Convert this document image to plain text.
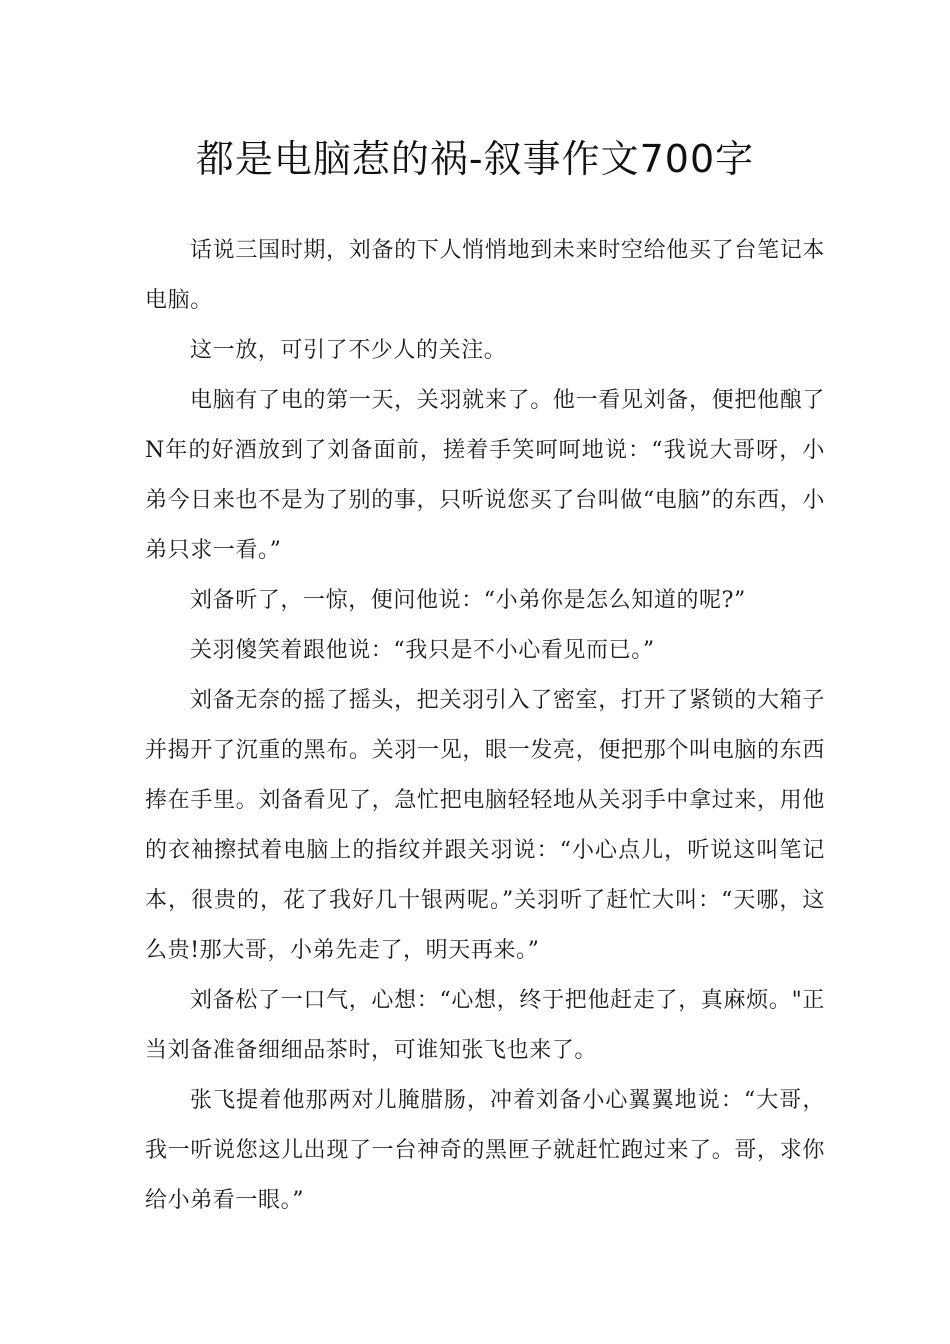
都是电脑惹的祸-叙事作文700字

话说三国时期，刘备的下人悄悄地到未来时空给他买了台笔记本电脑。

这一放，可引了不少人的关注。

电脑有了电的第一天，关羽就来了。他一看见刘备，便把他酿了N年的好酒放到了刘备面前，搓着手笑呵呵地说：“我说大哥呀，小弟今日来也不是为了别的事，只听说您买了台叫做“电脑”的东西，小弟只求一看。”

刘备听了，一惊，便问他说：“小弟你是怎么知道的呢?”

关羽傻笑着跟他说：“我只是不小心看见而已。”

刘备无奈的摇了摇头，把关羽引入了密室，打开了紧锁的大箱子并揭开了沉重的黑布。关羽一见，眼一发亮，便把那个叫电脑的东西捧在手里。刘备看见了，急忙把电脑轻轻地从关羽手中拿过来，用他的衣袖擦拭着电脑上的指纹并跟关羽说：“小心点儿，听说这叫笔记本，很贵的，花了我好几十银两呢。”关羽听了赶忙大叫：“天哪，这么贵!那大哥，小弟先走了，明天再来。”

刘备松了一口气，心想：“心想，终于把他赶走了，真麻烦。"正当刘备准备细细品茶时，可谁知张飞也来了。

张飞提着他那两对儿腌腊肠，冲着刘备小心翼翼地说：“大哥，我一听说您这儿出现了一台神奇的黑匣子就赶忙跑过来了。哥，求你给小弟看一眼。”
